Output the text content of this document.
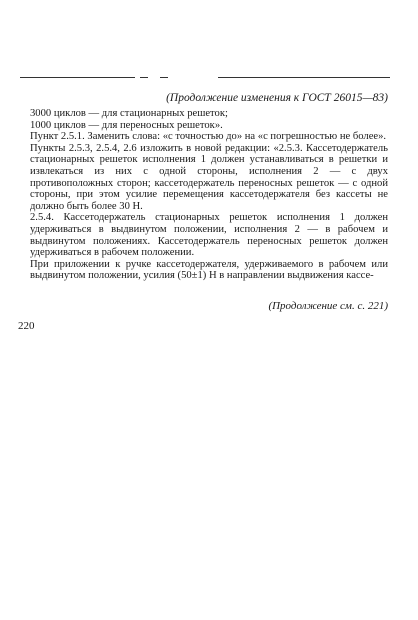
(Продолжение изменения к ГОСТ 26015—83)

3000 циклов — для стационарных решеток;

1000 циклов — для переносных решеток».

Пункт 2.5.1. Заменить слова: «с точностью до» на «с погрешностью не более».

Пункты 2.5.3, 2.5.4, 2.6 изложить в новой редакции: «2.5.3. Кассетодержатель стационарных решеток исполнения 1 должен устанавливаться в решетки и извлекаться из них с одной стороны, исполнения 2 — с двух противоположных сторон; кассетодержатель переносных решеток — с одной стороны, при этом усилие перемещения кассетодержателя без кассеты не должно быть более 30 Н.

2.5.4. Кассетодержатель стационарных решеток исполнения 1 должен удерживаться в выдвинутом положении, исполнения 2 — в рабочем и выдвинутом положениях. Кассетодержатель переносных решеток должен удерживаться в рабочем положении.

При приложении к ручке кассетодержателя, удерживаемого в рабочем или выдвинутом положении, усилия (50±1) Н в направлении выдвижения кассе-

(Продолжение см. с. 221)
220
